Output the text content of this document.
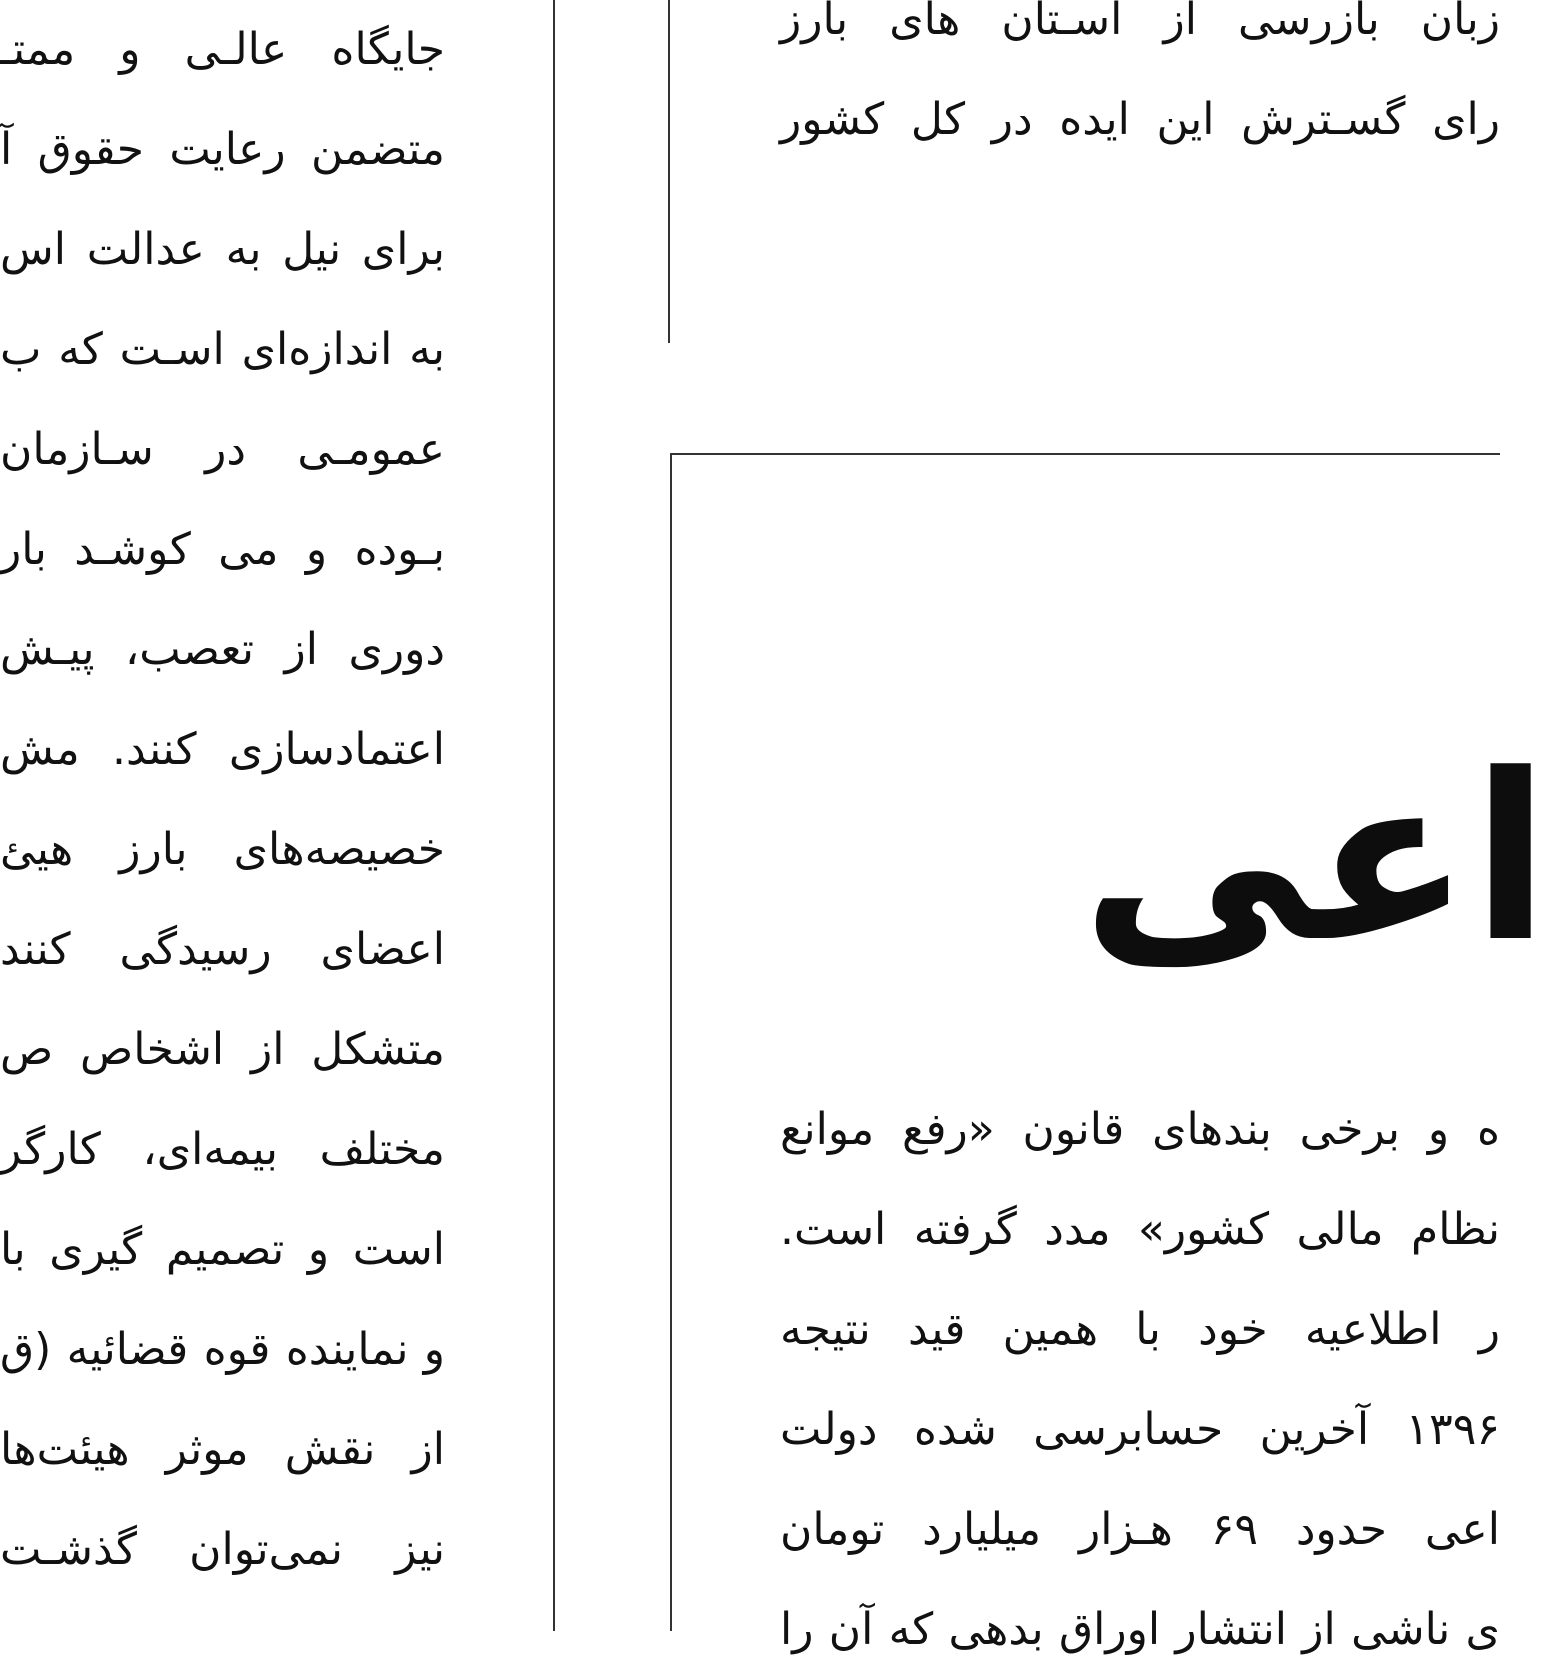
جایگاه عالـی و ممتـ
متضمن رعایت حقوق آ
برای نیل به عدالت اس
به اندازه‌ای اسـت که ب
عمومـی در سـازمان
بـوده و می کوشـد بار
دوری از تعصب، پیـش
اعتمادسازی کنند. مش
خصیصه‌های بارز هیئ
اعضای رسیدگی کنند
متشکل از اشخاص ص
مختلف بیمه‌ای، کارگر
است و تصمیم گیری با
و نماینده قوه قضائیه (ق
از نقش موثر هیئت‌ها
نیز نمی‌توان گذشـت
زبان بازرسی از اسـتان های بارز
رای گسـترش این ایده در کل کشور
اعی
ه و برخی بندهای قانون «رفع موانع
نظام مالی کشور» مدد گرفته است.
ر اطلاعیه خود با همین قید نتیجه
۱۳۹۶ آخرین حسابرسی شده دولت
اعی حدود ۶۹ هـزار میلیارد تومان
ی ناشی از انتشار اوراق بدهی که آن را
